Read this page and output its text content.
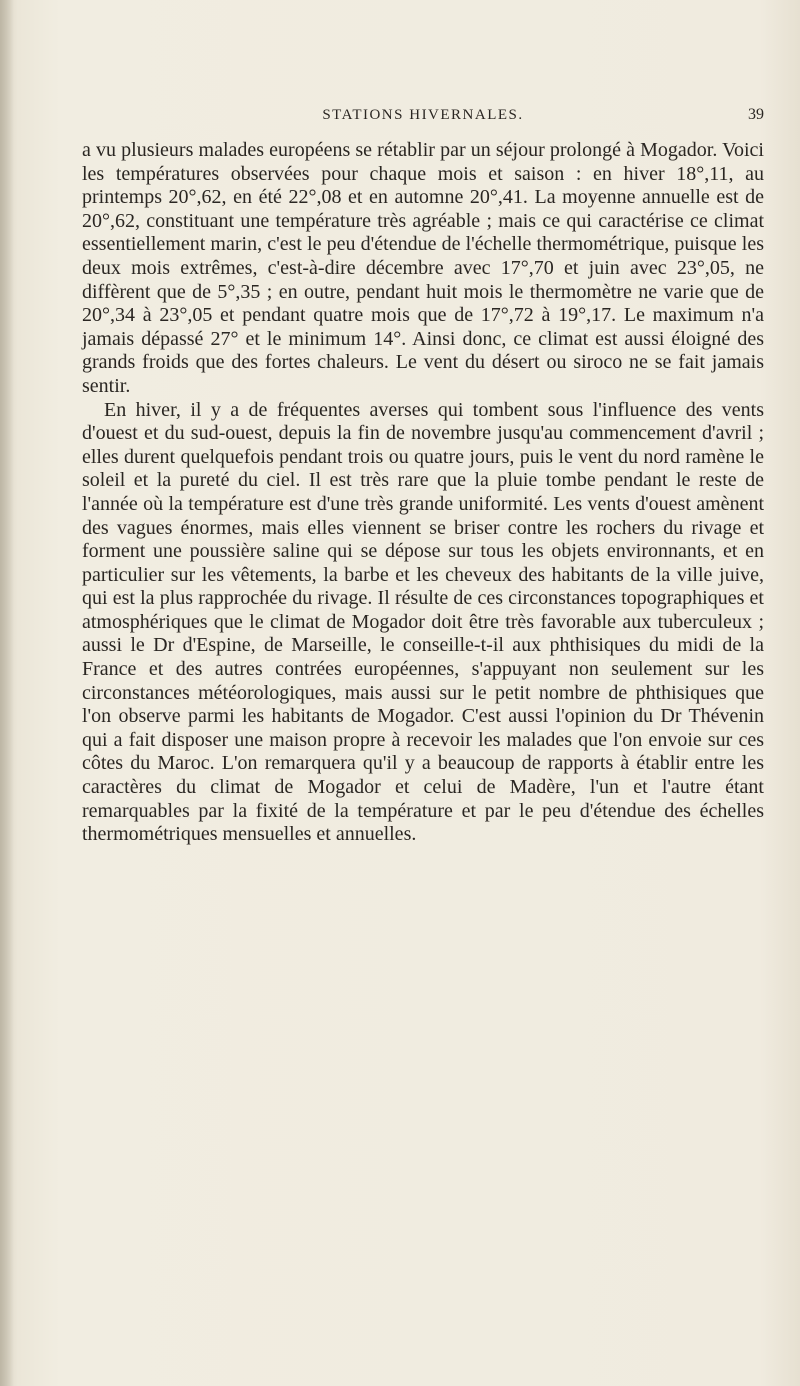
STATIONS HIVERNALES.	39

a vu plusieurs malades européens se rétablir par un séjour prolongé à Mogador. Voici les températures observées pour chaque mois et saison : en hiver 18°,11, au printemps 20°,62, en été 22°,08 et en automne 20°,41. La moyenne annuelle est de 20°,62, constituant une température très agréable ; mais ce qui caractérise ce climat essentiellement marin, c'est le peu d'étendue de l'échelle thermométrique, puisque les deux mois extrêmes, c'est-à-dire décembre avec 17°,70 et juin avec 23°,05, ne diffèrent que de 5°,35 ; en outre, pendant huit mois le thermomètre ne varie que de 20°,34 à 23°,05 et pendant quatre mois que de 17°,72 à 19°,17. Le maximum n'a jamais dépassé 27° et le minimum 14°. Ainsi donc, ce climat est aussi éloigné des grands froids que des fortes chaleurs. Le vent du désert ou siroco ne se fait jamais sentir.

En hiver, il y a de fréquentes averses qui tombent sous l'influence des vents d'ouest et du sud-ouest, depuis la fin de novembre jusqu'au commencement d'avril ; elles durent quelquefois pendant trois ou quatre jours, puis le vent du nord ramène le soleil et la pureté du ciel. Il est très rare que la pluie tombe pendant le reste de l'année où la température est d'une très grande uniformité. Les vents d'ouest amènent des vagues énormes, mais elles viennent se briser contre les rochers du rivage et forment une poussière saline qui se dépose sur tous les objets environnants, et en particulier sur les vêtements, la barbe et les cheveux des habitants de la ville juive, qui est la plus rapprochée du rivage. Il résulte de ces circonstances topographiques et atmosphériques que le climat de Mogador doit être très favorable aux tuberculeux ; aussi le Dr d'Espine, de Marseille, le conseille-t-il aux phthisiques du midi de la France et des autres contrées européennes, s'appuyant non seulement sur les circonstances météorologiques, mais aussi sur le petit nombre de phthisiques que l'on observe parmi les habitants de Mogador. C'est aussi l'opinion du Dr Thévenin qui a fait disposer une maison propre à recevoir les malades que l'on envoie sur ces côtes du Maroc. L'on remarquera qu'il y a beaucoup de rapports à établir entre les caractères du climat de Mogador et celui de Madère, l'un et l'autre étant remarquables par la fixité de la température et par le peu d'étendue des échelles thermométriques mensuelles et annuelles.
